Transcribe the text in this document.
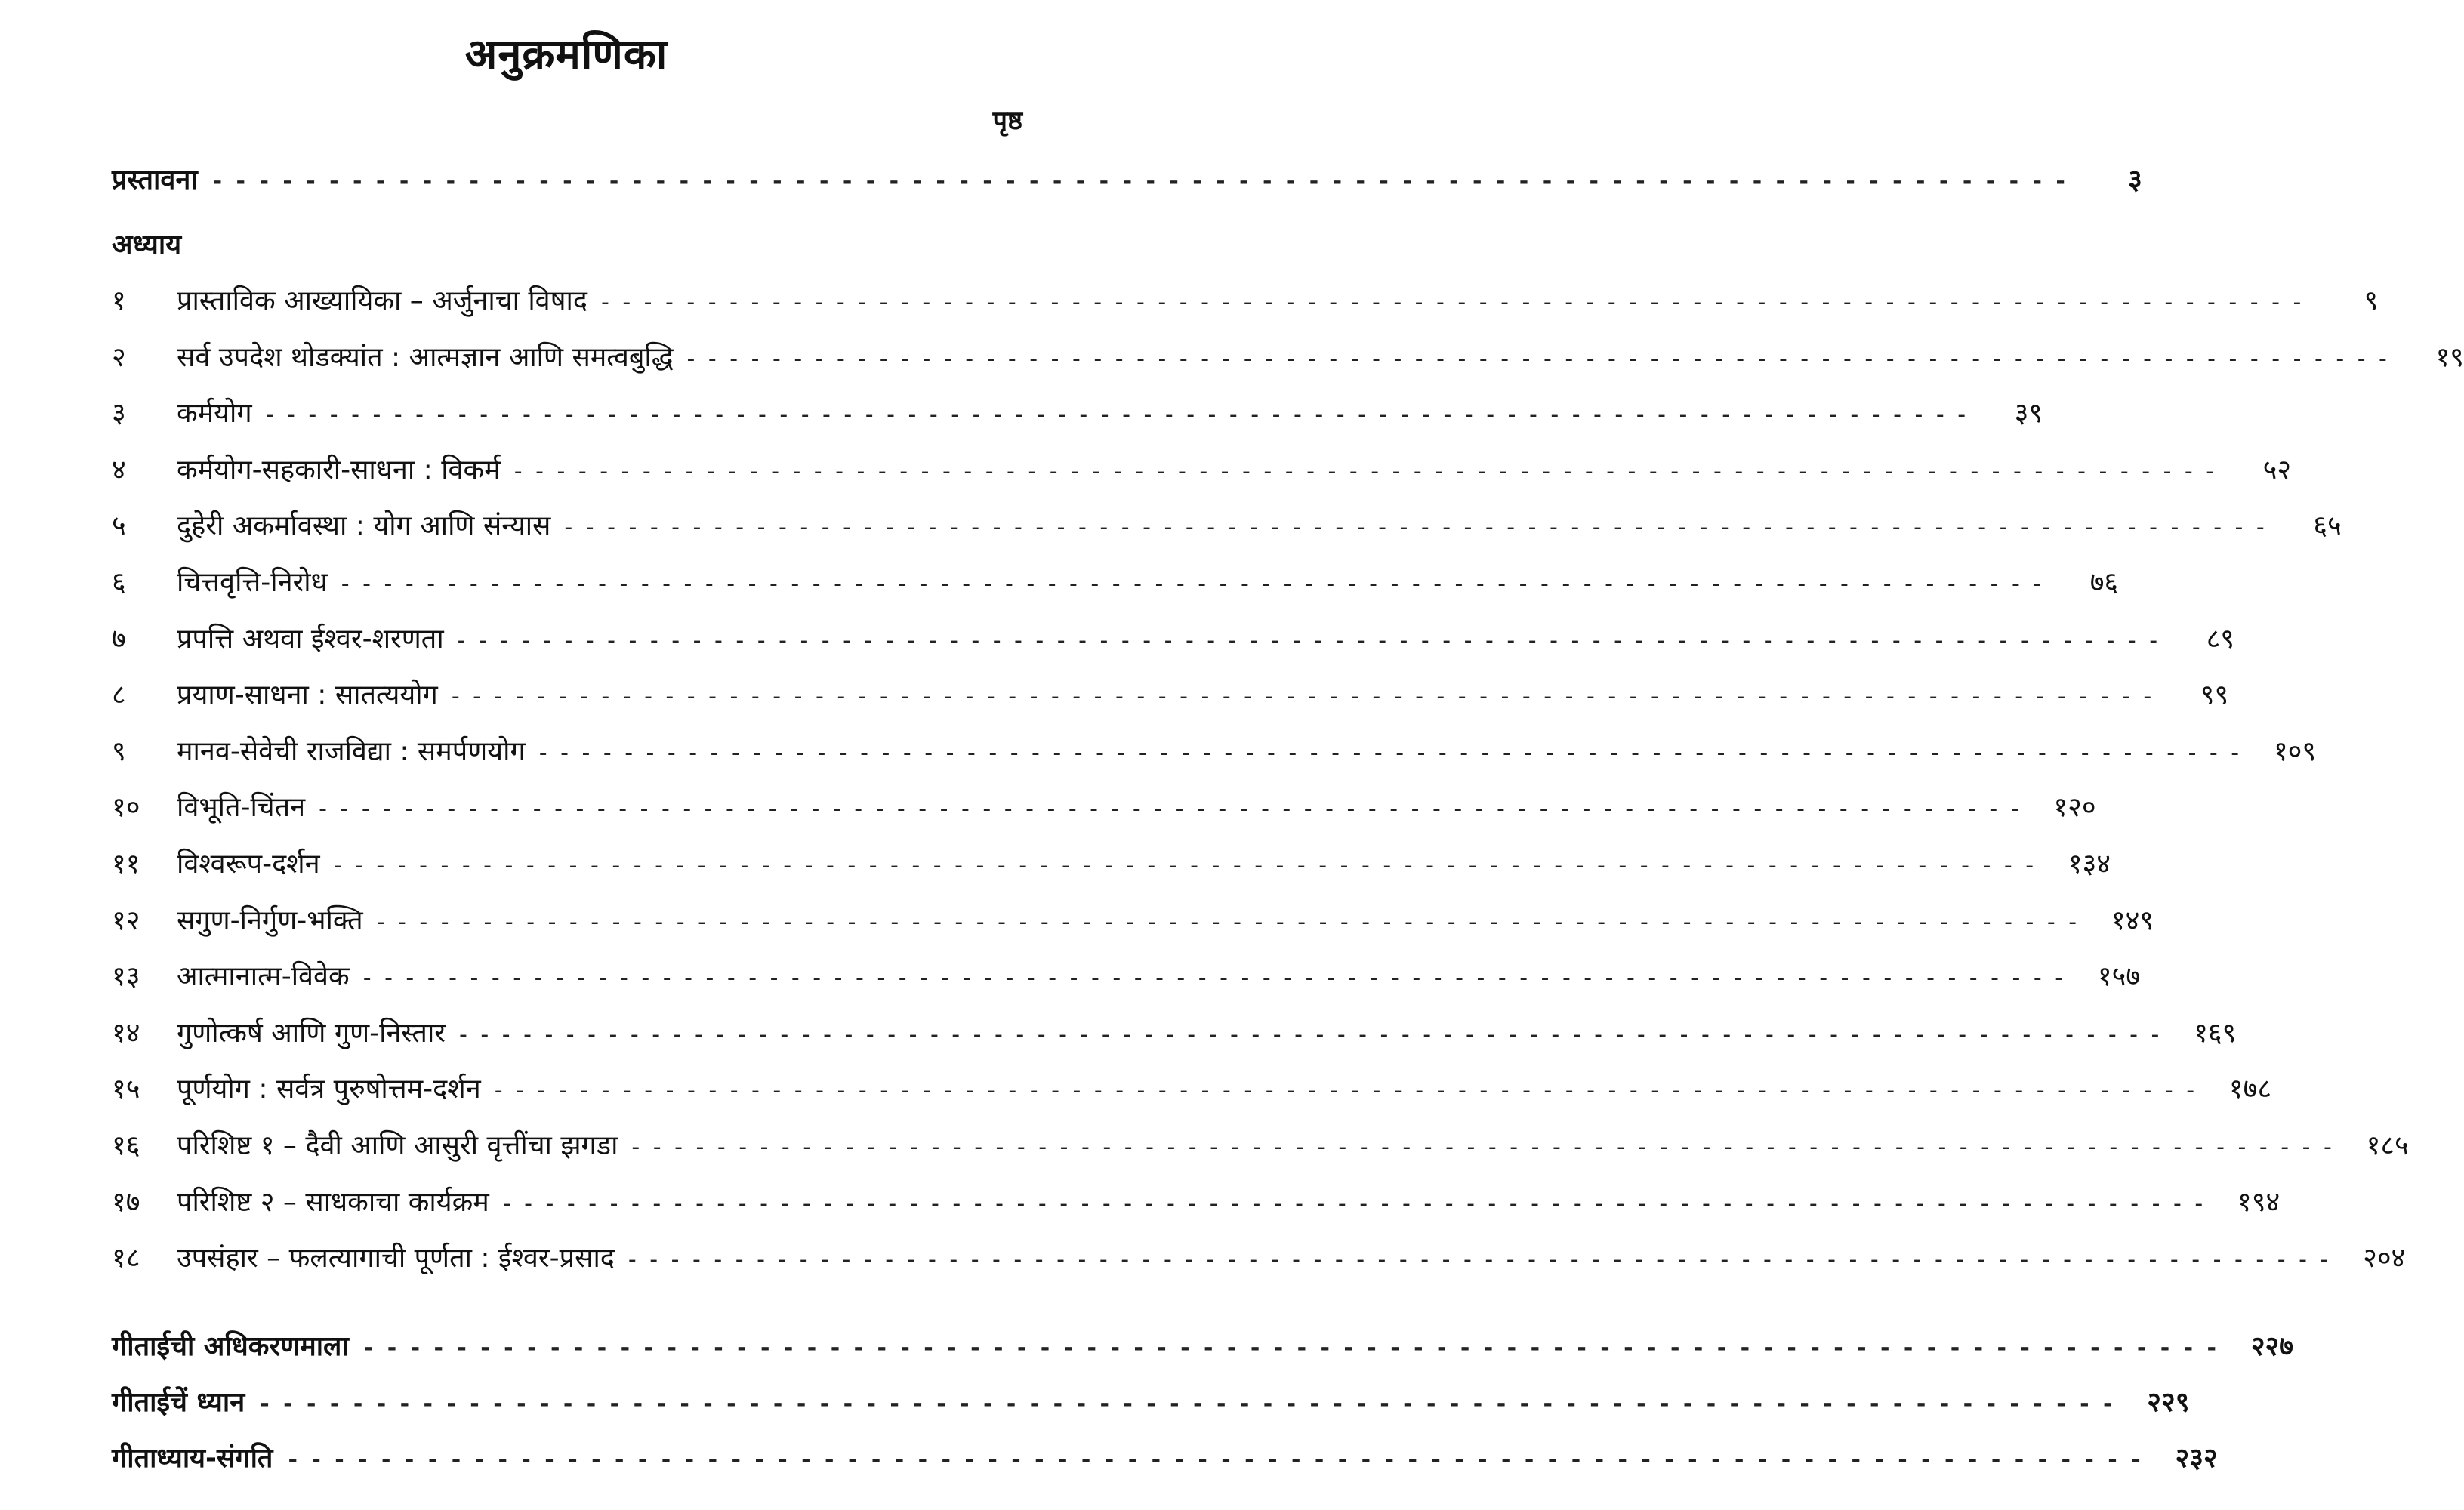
अनुक्रमणिका
पृष्ठ
प्रस्तावना - - - - - - - - - - - - - - - - - - - - - - - - - - - - - - - - - - - - - - - - - - - - - - - - - - - - - - - - - - - - - - - - - - - - - - - - - - - - - - - -	३
अध्याय
१	प्रास्ताविक आख्यायिका – अर्जुनाचा विषाद - - - - - - - - - - - - - - - - - - - - - - - - - - - - - - - - - - - - - - - - - - - - - - - - - - - - - - - - - - - - - - - - - - - - - - - - - - - - - - - -	९
२	सर्व उपदेश थोडक्यांत : आत्मज्ञान आणि समत्वबुद्धि - - - - - - - - - - - - - - - - - - - - - - - - - - - - - - - - - - - - - - - - - - - - - - - - - - - - - - - - - - - - - - - - - - - - - - - - - - - - - - - -	१९
३	कर्मयोग - - - - - - - - - - - - - - - - - - - - - - - - - - - - - - - - - - - - - - - - - - - - - - - - - - - - - - - - - - - - - - - - - - - - - - - - - - - - - - - -	३९
४	कर्मयोग-सहकारी-साधना : विकर्म - - - - - - - - - - - - - - - - - - - - - - - - - - - - - - - - - - - - - - - - - - - - - - - - - - - - - - - - - - - - - - - - - - - - - - - - - - - - - - - -	५२
५	दुहेरी अकर्मावस्था : योग आणि संन्यास - - - - - - - - - - - - - - - - - - - - - - - - - - - - - - - - - - - - - - - - - - - - - - - - - - - - - - - - - - - - - - - - - - - - - - - - - - - - - - - -	६५
६	चित्तवृत्ति-निरोध - - - - - - - - - - - - - - - - - - - - - - - - - - - - - - - - - - - - - - - - - - - - - - - - - - - - - - - - - - - - - - - - - - - - - - - - - - - - - - - -	७६
७	प्रपत्ति अथवा ईश्वर-शरणता - - - - - - - - - - - - - - - - - - - - - - - - - - - - - - - - - - - - - - - - - - - - - - - - - - - - - - - - - - - - - - - - - - - - - - - - - - - - - - - -	८९
८	प्रयाण-साधना : सातत्ययोग - - - - - - - - - - - - - - - - - - - - - - - - - - - - - - - - - - - - - - - - - - - - - - - - - - - - - - - - - - - - - - - - - - - - - - - - - - - - - - - -	९९
९	मानव-सेवेची राजविद्या : समर्पणयोग - - - - - - - - - - - - - - - - - - - - - - - - - - - - - - - - - - - - - - - - - - - - - - - - - - - - - - - - - - - - - - - - - - - - - - - - - - - - - - - -	१०९
१०	विभूति-चिंतन - - - - - - - - - - - - - - - - - - - - - - - - - - - - - - - - - - - - - - - - - - - - - - - - - - - - - - - - - - - - - - - - - - - - - - - - - - - - - - - -	१२०
११	विश्वरूप-दर्शन - - - - - - - - - - - - - - - - - - - - - - - - - - - - - - - - - - - - - - - - - - - - - - - - - - - - - - - - - - - - - - - - - - - - - - - - - - - - - - - -	१३४
१२	सगुण-निर्गुण-भक्ति - - - - - - - - - - - - - - - - - - - - - - - - - - - - - - - - - - - - - - - - - - - - - - - - - - - - - - - - - - - - - - - - - - - - - - - - - - - - - - - -	१४९
१३	आत्मानात्म-विवेक - - - - - - - - - - - - - - - - - - - - - - - - - - - - - - - - - - - - - - - - - - - - - - - - - - - - - - - - - - - - - - - - - - - - - - - - - - - - - - - -	१५७
१४	गुणोत्कर्ष आणि गुण-निस्तार - - - - - - - - - - - - - - - - - - - - - - - - - - - - - - - - - - - - - - - - - - - - - - - - - - - - - - - - - - - - - - - - - - - - - - - - - - - - - - - -	१६९
१५	पूर्णयोग : सर्वत्र पुरुषोत्तम-दर्शन - - - - - - - - - - - - - - - - - - - - - - - - - - - - - - - - - - - - - - - - - - - - - - - - - - - - - - - - - - - - - - - - - - - - - - - - - - - - - - - -	१७८
१६	परिशिष्ट १ – दैवी आणि आसुरी वृत्तींचा झगडा - - - - - - - - - - - - - - - - - - - - - - - - - - - - - - - - - - - - - - - - - - - - - - - - - - - - - - - - - - - - - - - - - - - - - - - - - - - - - - - -	१८५
१७	परिशिष्ट २ – साधकाचा कार्यक्रम - - - - - - - - - - - - - - - - - - - - - - - - - - - - - - - - - - - - - - - - - - - - - - - - - - - - - - - - - - - - - - - - - - - - - - - - - - - - - - - -	१९४
१८	उपसंहार – फलत्यागाची पूर्णता : ईश्वर-प्रसाद - - - - - - - - - - - - - - - - - - - - - - - - - - - - - - - - - - - - - - - - - - - - - - - - - - - - - - - - - - - - - - - - - - - - - - - - - - - - - - - -	२०४
गीताईची अधिकरणमाला - - - - - - - - - - - - - - - - - - - - - - - - - - - - - - - - - - - - - - - - - - - - - - - - - - - - - - - - - - - - - - - - - - - - - - - - - - - - - - - -	२२७
गीताईचें ध्यान - - - - - - - - - - - - - - - - - - - - - - - - - - - - - - - - - - - - - - - - - - - - - - - - - - - - - - - - - - - - - - - - - - - - - - - - - - - - - - - -	२२९
गीताध्याय-संगति - - - - - - - - - - - - - - - - - - - - - - - - - - - - - - - - - - - - - - - - - - - - - - - - - - - - - - - - - - - - - - - - - - - - - - - - - - - - - - - -	२३२
